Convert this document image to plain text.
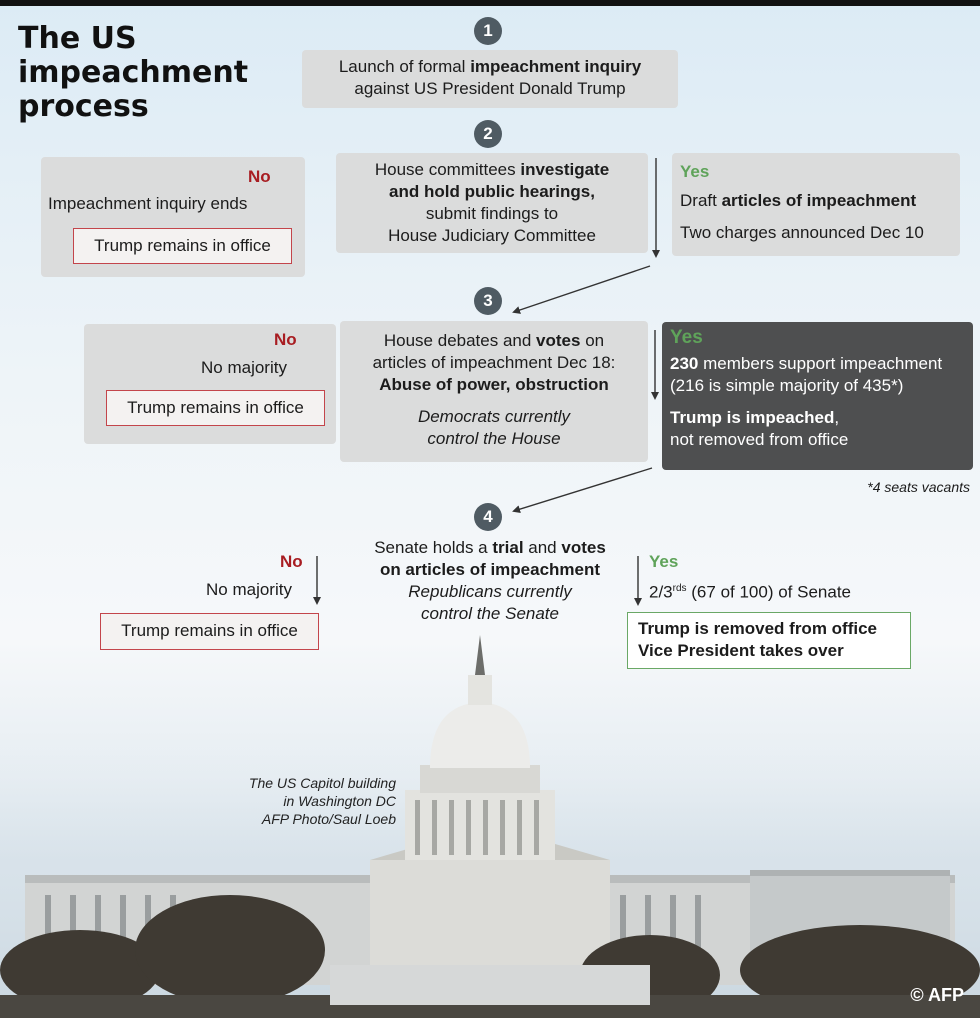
The US impeachment process
The US Capitol building
in Washington DC
AFP Photo/Saul Loeb
© AFP
1
Launch of formal impeachment inquiry
against US President Donald Trump
2
House committees investigate
and hold public hearings,
submit findings to
House Judiciary Committee
No
Impeachment inquiry ends
Trump remains in office
Yes
Draft articles of impeachment
Two charges announced Dec 10
3
House debates and votes on
articles of impeachment Dec 18:
Abuse of power, obstruction
Democrats currently
control the House
No
No majority
Trump remains in office
Yes
230 members support impeachment
(216 is simple majority of 435*)
Trump is impeached,
not removed from office
*4 seats vacants
4
Senate holds a trial and votes
on articles of impeachment
Republicans currently
control the Senate
No
No majority
Trump remains in office
Yes
$2/3^{rds}$ (67 of 100) of Senate
Trump is removed from office
Vice President takes over
